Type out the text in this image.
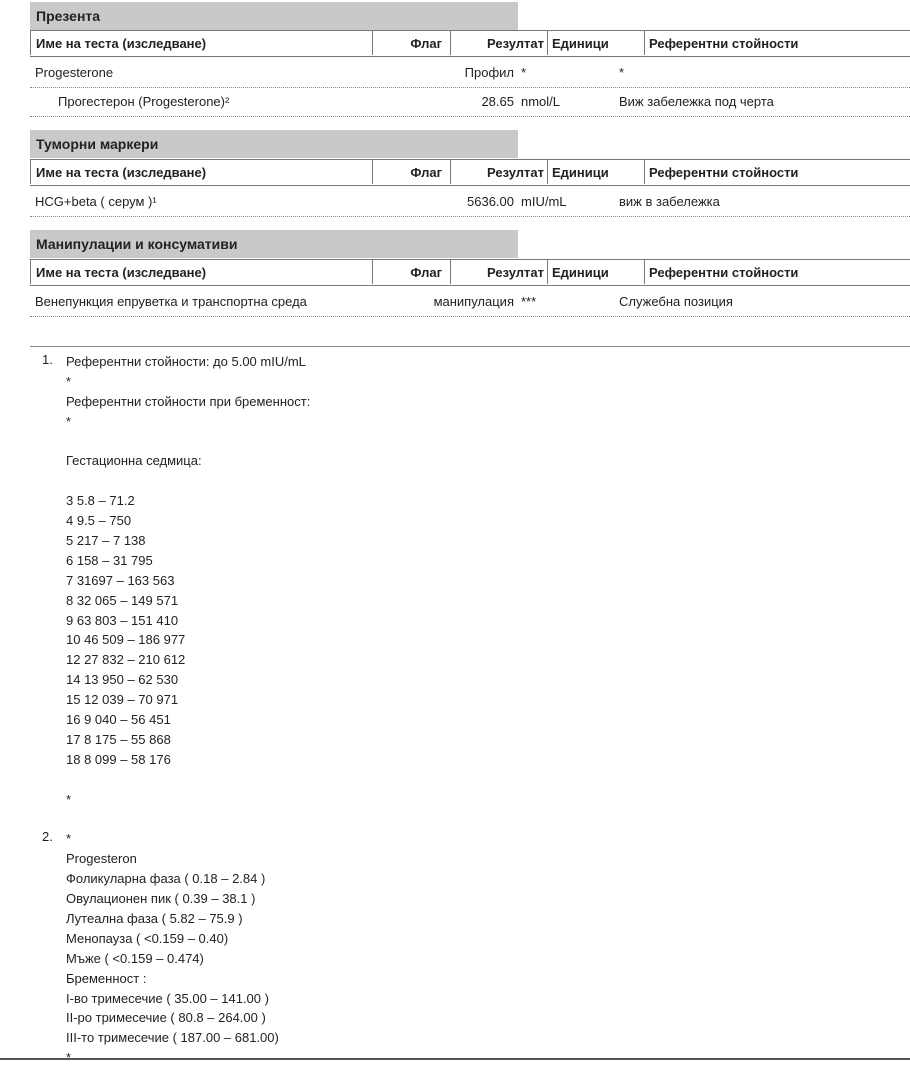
Презента
Име на теста (изследване)	Флаг	Резултат Единици	Референтни стойности
Progesterone	Профил *	*
Прогестерон (Progesterone)²	28.65 nmol/L	Виж забележка под черта
Туморни маркери
Име на теста (изследване)	Флаг	Резултат Единици	Референтни стойности
HCG+beta ( серум )¹	5636.00 mIU/mL	виж в забележка
Манипулации и консумативи
Име на теста (изследване)	Флаг	Резултат Единици	Референтни стойности
Венепункция епруветка и транспортна среда	манипулация ***	Служебна позиция
1.	Референтни стойности: до 5.00 mIU/mL
*
Референтни стойности при бременност:
*
Гестационна седмица:
3 5.8 – 71.2
4 9.5 – 750
5 217 – 7 138
6 158 – 31 795
7 31697 – 163 563
8 32 065 – 149 571
9 63 803 – 151 410
10 46 509 – 186 977
12 27 832 – 210 612
14 13 950 – 62 530
15 12 039 – 70 971
16 9 040 – 56 451
17 8 175 – 55 868
18 8 099 – 58 176
*
2.	*
Progesteron
Фоликуларна фаза ( 0.18 – 2.84 )
Овулационен пик ( 0.39 – 38.1 )
Лутеална фаза ( 5.82 – 75.9 )
Менопауза ( <0.159 – 0.40)
Мъже ( <0.159 – 0.474)
Бременност :
I-во тримесечие ( 35.00 – 141.00 )
II-ро тримесечие ( 80.8 – 264.00 )
III-то тримесечие ( 187.00 – 681.00)
*
